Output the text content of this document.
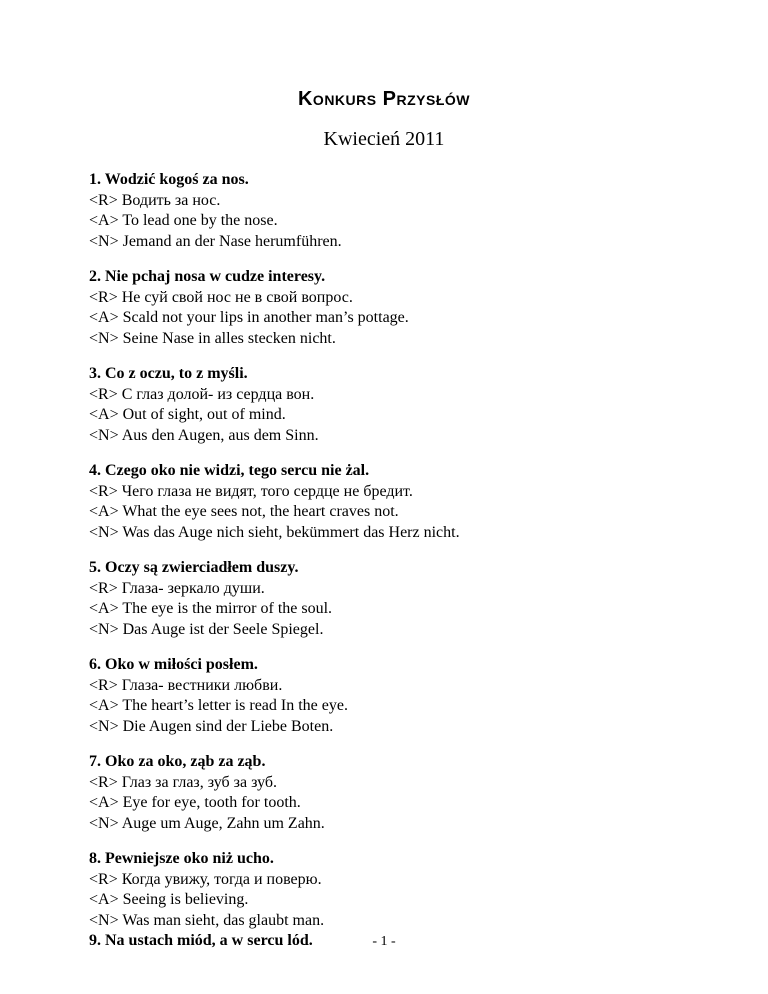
Konkurs Przysłów
Kwiecień 2011
1. Wodzić kogoś za nos.
<R> Водить за нос.
<A> To lead one by the nose.
<N> Jemand an der Nase herumführen.
2. Nie pchaj nosa w cudze interesy.
<R> Не суй свой нос не в свой вопрос.
<A> Scald not your lips in another man’s pottage.
<N> Seine Nase in alles stecken nicht.
3. Co z oczu, to z myśli.
<R> С глаз долой- из сердца вон.
<A> Out of sight, out of mind.
<N> Aus den Augen, aus dem Sinn.
4. Czego oko nie widzi, tego sercu nie żal.
<R> Чего глаза не видят, того сердце не бредит.
<A> What the eye sees not, the heart craves not.
<N> Was das Auge nich sieht, bekümmert das Herz nicht.
5. Oczy są zwierciadłem duszy.
<R> Глаза- зеркало души.
<A> The eye is the mirror of the soul.
<N> Das Auge ist der Seele Spiegel.
6. Oko w miłości posłem.
<R> Глаза- вестники любви.
<A> The heart’s letter is read In the eye.
<N> Die Augen sind der Liebe Boten.
7. Oko za oko, ząb za ząb.
<R> Глаз за глаз, зуб за зуб.
<A> Eye for eye, tooth for tooth.
<N> Auge um Auge, Zahn um Zahn.
8. Pewniejsze oko niż ucho.
<R> Когда увижу, тогда и поверю.
<A> Seeing is believing.
<N> Was man sieht, das glaubt man.
9. Na ustach miód, a w sercu lód.	- 1 -
